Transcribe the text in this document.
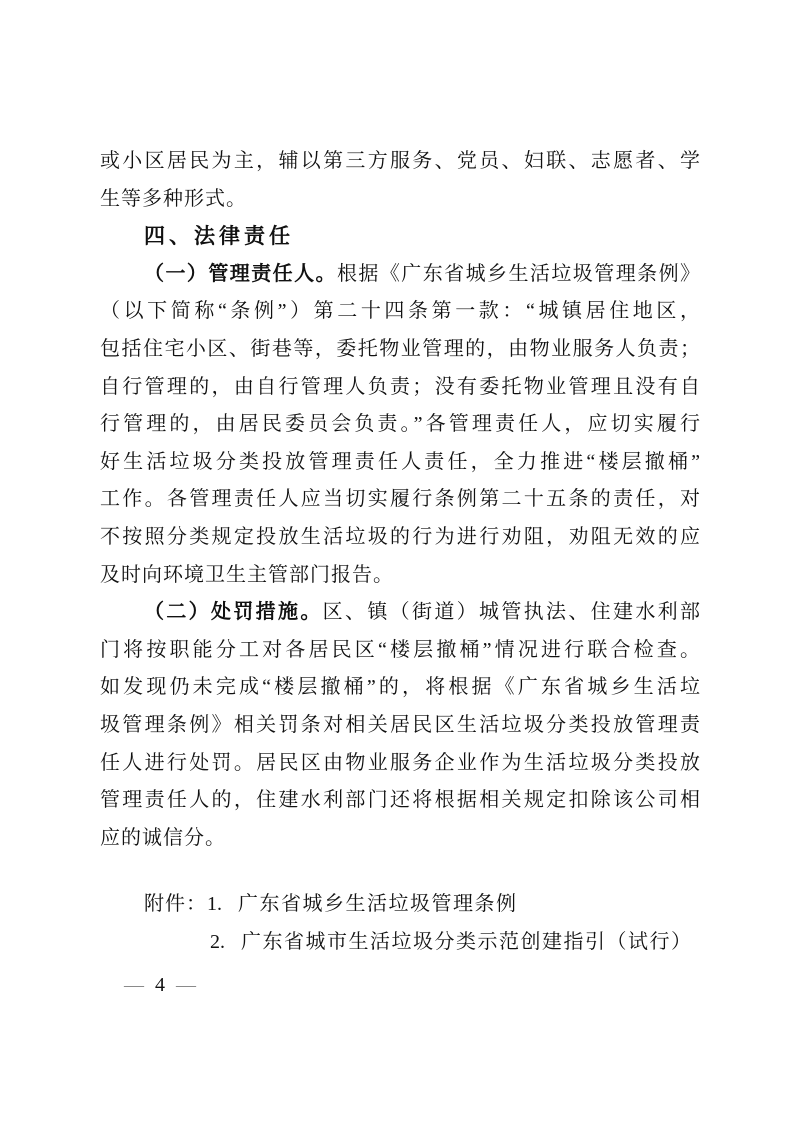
或小区居民为主，辅以第三方服务、党员、妇联、志愿者、学
生等多种形式。
四、法律责任
（一）管理责任人。根据《广东省城乡生活垃圾管理条例》
（以下简称“条例”）第二十四条第一款：“城镇居住地区，
包括住宅小区、街巷等，委托物业管理的，由物业服务人负责；
自行管理的，由自行管理人负责；没有委托物业管理且没有自
行管理的，由居民委员会负责。”各管理责任人，应切实履行
好生活垃圾分类投放管理责任人责任，全力推进“楼层撤桶”
工作。各管理责任人应当切实履行条例第二十五条的责任，对
不按照分类规定投放生活垃圾的行为进行劝阻，劝阻无效的应
及时向环境卫生主管部门报告。
（二）处罚措施。区、镇（街道）城管执法、住建水利部
门将按职能分工对各居民区“楼层撤桶”情况进行联合检查。
如发现仍未完成“楼层撤桶”的，将根据《广东省城乡生活垃
圾管理条例》相关罚条对相关居民区生活垃圾分类投放管理责
任人进行处罚。居民区由物业服务企业作为生活垃圾分类投放
管理责任人的，住建水利部门还将根据相关规定扣除该公司相
应的诚信分。
附件：1. 广东省城乡生活垃圾管理条例
2. 广东省城市生活垃圾分类示范创建指引（试行）
— 4 —
